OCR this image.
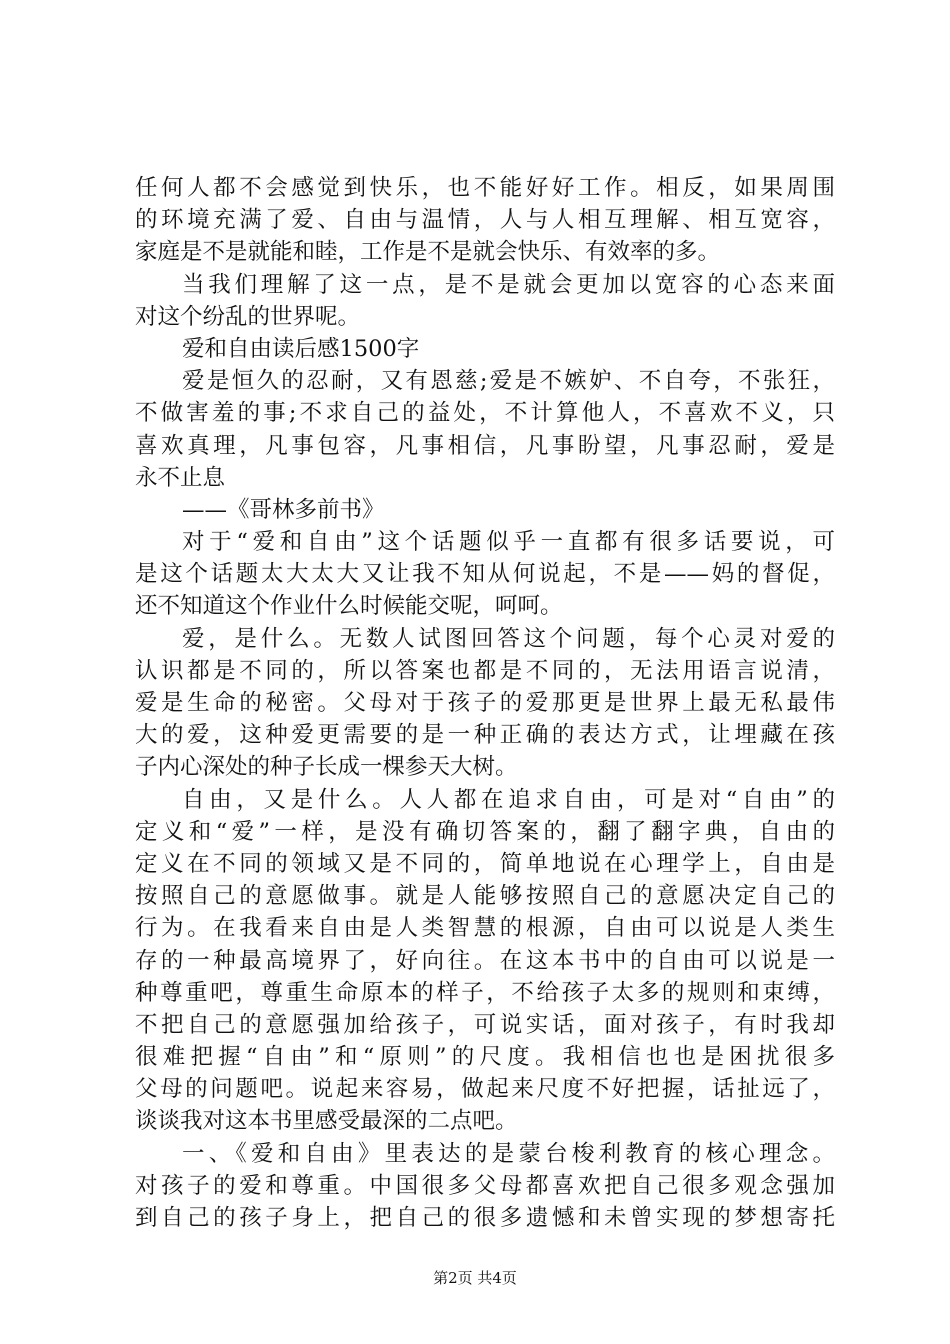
任何人都不会感觉到快乐，也不能好好工作。相反，如果周围
的环境充满了爱、自由与温情，人与人相互理解、相互宽容，
家庭是不是就能和睦，工作是不是就会快乐、有效率的多。
当我们理解了这一点，是不是就会更加以宽容的心态来面
对这个纷乱的世界呢。
爱和自由读后感1500字
爱是恒久的忍耐，又有恩慈;爱是不嫉妒、不自夸，不张狂，
不做害羞的事;不求自己的益处，不计算他人，不喜欢不义，只
喜欢真理，凡事包容，凡事相信，凡事盼望，凡事忍耐，爱是
永不止息
——《哥林多前书》
对于“爱和自由”这个话题似乎一直都有很多话要说，可
是这个话题太大太大又让我不知从何说起，不是——妈的督促，
还不知道这个作业什么时候能交呢，呵呵。
爱，是什么。无数人试图回答这个问题，每个心灵对爱的
认识都是不同的，所以答案也都是不同的，无法用语言说清，
爱是生命的秘密。父母对于孩子的爱那更是世界上最无私最伟
大的爱，这种爱更需要的是一种正确的表达方式，让埋藏在孩
子内心深处的种子长成一棵参天大树。
自由，又是什么。人人都在追求自由，可是对“自由”的
定义和“爱”一样，是没有确切答案的，翻了翻字典，自由的
定义在不同的领域又是不同的，简单地说在心理学上，自由是
按照自己的意愿做事。就是人能够按照自己的意愿决定自己的
行为。在我看来自由是人类智慧的根源，自由可以说是人类生
存的一种最高境界了，好向往。在这本书中的自由可以说是一
种尊重吧，尊重生命原本的样子，不给孩子太多的规则和束缚，
不把自己的意愿强加给孩子，可说实话，面对孩子，有时我却
很难把握“自由”和“原则”的尺度。我相信也也是困扰很多
父母的问题吧。说起来容易，做起来尺度不好把握，话扯远了，
谈谈我对这本书里感受最深的二点吧。
一、《爱和自由》里表达的是蒙台梭利教育的核心理念。
对孩子的爱和尊重。中国很多父母都喜欢把自己很多观念强加
到自己的孩子身上，把自己的很多遗憾和未曾实现的梦想寄托
第2页 共4页
